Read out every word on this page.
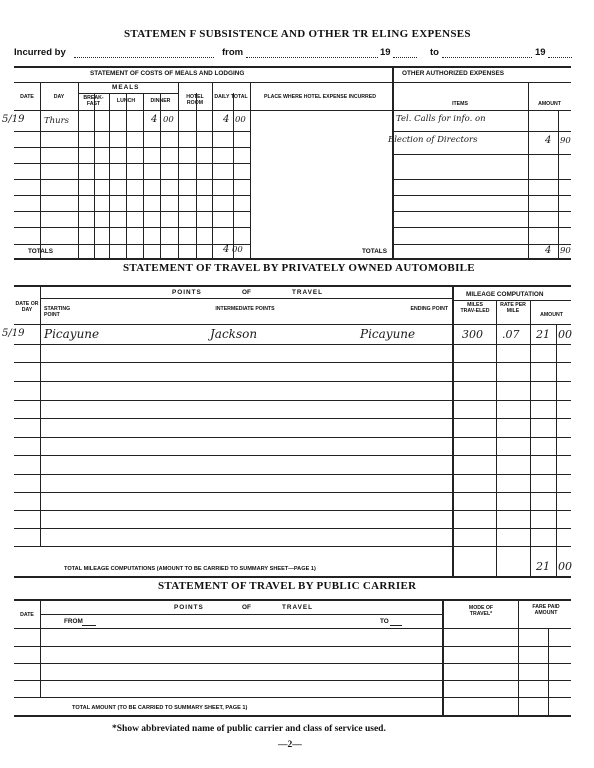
STATEMEN F SUBSISTENCE AND OTHER TR ELING EXPENSES
Incurred by	from	19	to	19
STATEMENT OF COSTS OF MEALS AND LODGING	OTHER AUTHORIZED EXPENSES
MEALS
DATE	DAY	BREAK-FAST	LUNCH	DINNER
HOTEL ROOM
DAILY TOTAL	PLACE WHERE HOTEL EXPENSE INCURRED
ITEMS	AMOUNT
5/19 Thurs	4 00	4 00	Tel. Calls for info. on
Election of Directors	4 90
TOTALS	4 00	TOTALS	4 90
STATEMENT OF TRAVEL BY PRIVATELY OWNED AUTOMOBILE
POINTS	OF	TRAVEL	MILEAGE COMPUTATION
DATE OR DAY	STARTING POINT
INTERMEDIATE POINTS	ENDING POINT
MILES TRAV-ELED
RATE PER MILE
AMOUNT
5/19 Picayune	Jackson	Picayune	300 .07 21 00
TOTAL MILEAGE COMPUTATIONS (AMOUNT TO BE CARRIED TO SUMMARY SHEET—PAGE 1)	21 00
STATEMENT OF TRAVEL BY PUBLIC CARRIER
DATE
POINTS	OF	TRAVEL
FROM	TO
MODE OF TRAVEL*
FARE PAID AMOUNT
TOTAL AMOUNT (TO BE CARRIED TO SUMMARY SHEET, PAGE 1)
*Show abbreviated name of public carrier and class of service used.
—2—
